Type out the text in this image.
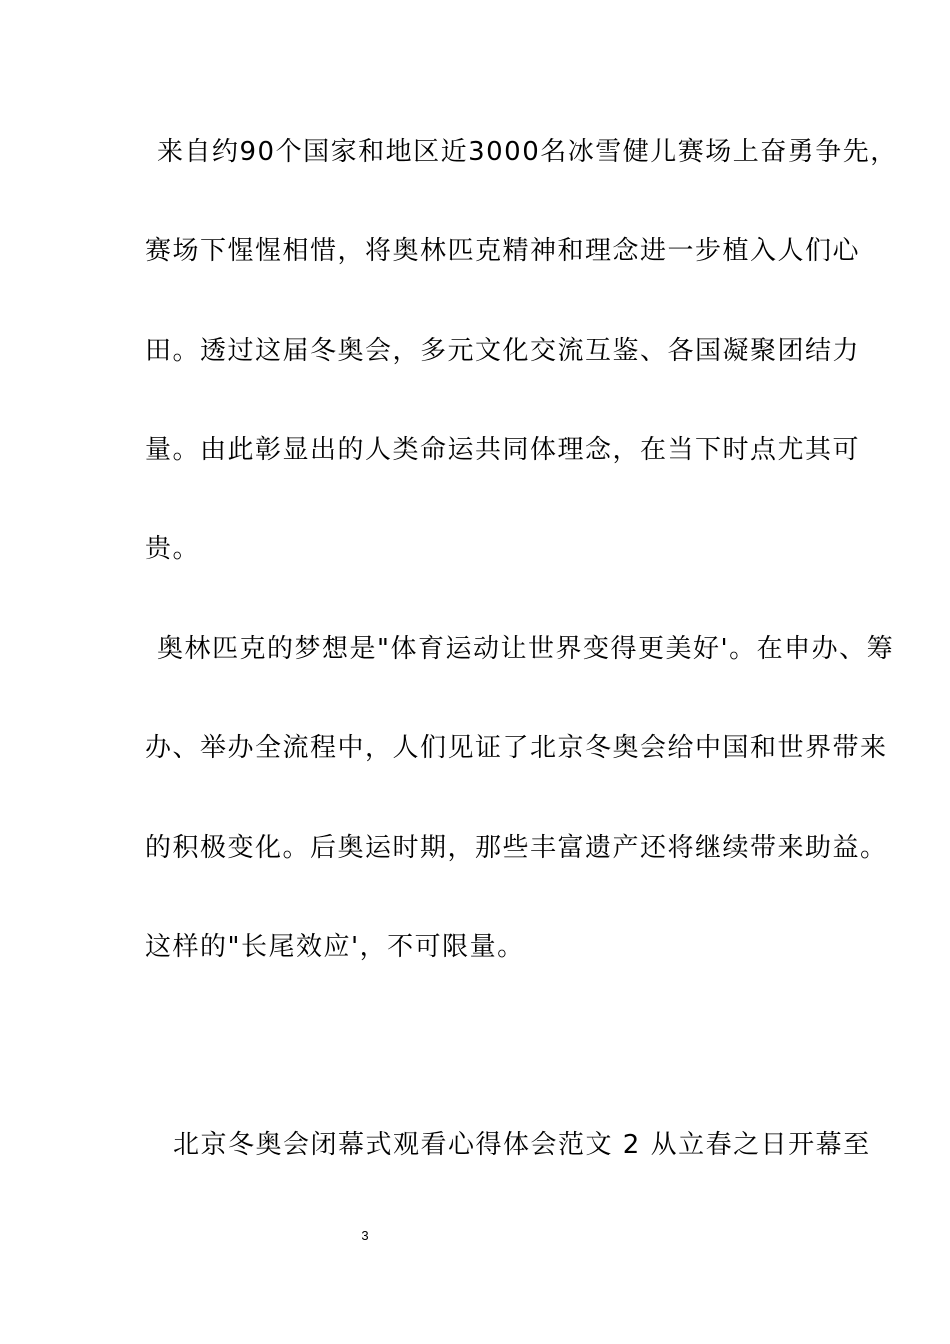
来自约90个国家和地区近3000名冰雪健儿赛场上奋勇争先，
赛场下惺惺相惜，将奥林匹克精神和理念进一步植入人们心
田。透过这届冬奥会，多元文化交流互鉴、各国凝聚团结力
量。由此彰显出的人类命运共同体理念，在当下时点尤其可
贵。
奥林匹克的梦想是"体育运动让世界变得更美好'。在申办、筹
办、举办全流程中，人们见证了北京冬奥会给中国和世界带来
的积极变化。后奥运时期，那些丰富遗产还将继续带来助益。
这样的"长尾效应'，不可限量。
北京冬奥会闭幕式观看心得体会范文 2 从立春之日开幕至
3
